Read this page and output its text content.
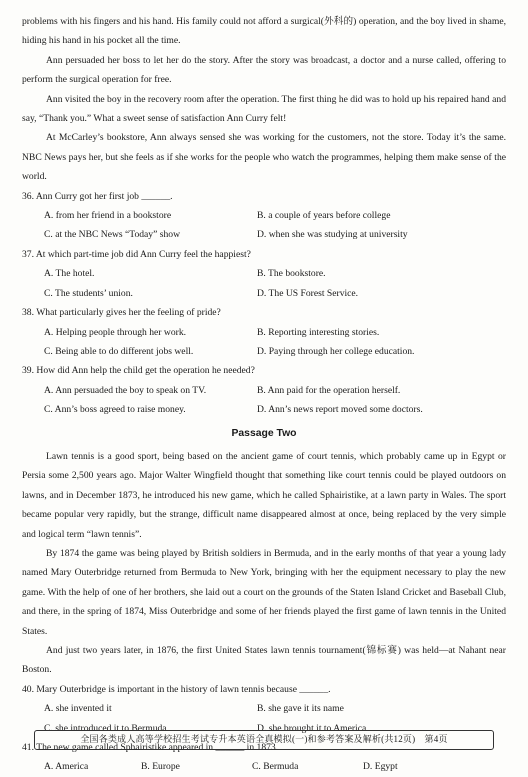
problems with his fingers and his hand. His family could not afford a surgical(外科的) operation, and the boy lived in shame, hiding his hand in his pocket all the time.

Ann persuaded her boss to let her do the story. After the story was broadcast, a doctor and a nurse called, offering to perform the surgical operation for free.

Ann visited the boy in the recovery room after the operation. The first thing he did was to hold up his repaired hand and say, “Thank you.” What a sweet sense of satisfaction Ann Curry felt!

At McCarley’s bookstore, Ann always sensed she was working for the customers, not the store. Today it’s the same. NBC News pays her, but she feels as if she works for the people who watch the programmes, helping them make sense of the world.

36. Ann Curry got her first job ______.
A. from her friend in a bookstore	B. a couple of years before college
C. at the NBC News “Today” show	D. when she was studying at university
37. At which part-time job did Ann Curry feel the happiest?
A. The hotel.	B. The bookstore.
C. The students’ union.	D. The US Forest Service.
38. What particularly gives her the feeling of pride?
A. Helping people through her work.	B. Reporting interesting stories.
C. Being able to do different jobs well.	D. Paying through her college education.
39. How did Ann help the child get the operation he needed?
A. Ann persuaded the boy to speak on TV.	B. Ann paid for the operation herself.
C. Ann’s boss agreed to raise money.	D. Ann’s news report moved some doctors.
Passage Two

Lawn tennis is a good sport, being based on the ancient game of court tennis, which probably came up in Egypt or Persia some 2,500 years ago. Major Walter Wingfield thought that something like court tennis could be played outdoors on lawns, and in December 1873, he introduced his new game, which he called Sphairistike, at a lawn party in Wales. The sport became popular very rapidly, but the strange, difficult name disappeared almost at once, being replaced by the very simple and logical term “lawn tennis”.

By 1874 the game was being played by British soldiers in Bermuda, and in the early months of that year a young lady named Mary Outerbridge returned from Bermuda to New York, bringing with her the equipment necessary to play the new game. With the help of one of her brothers, she laid out a court on the grounds of the Staten Island Cricket and Baseball Club, and there, in the spring of 1874, Miss Outerbridge and some of her friends played the first game of lawn tennis in the United States.

And just two years later, in 1876, the first United States lawn tennis tournament(锦标赛) was held—at Nahant near Boston.

40. Mary Outerbridge is important in the history of lawn tennis because ______.
A. she invented it	B. she gave it its name
C. she introduced it to Bermuda	D. she brought it to America
41. The new game called Sphairistike appeared in ______ in 1873.
A. America	B. Europe	C. Bermuda	D. Egypt
全国各类成人高等学校招生考试专升本英语全真模拟(一)和参考答案及解析(共12页)　第4页
